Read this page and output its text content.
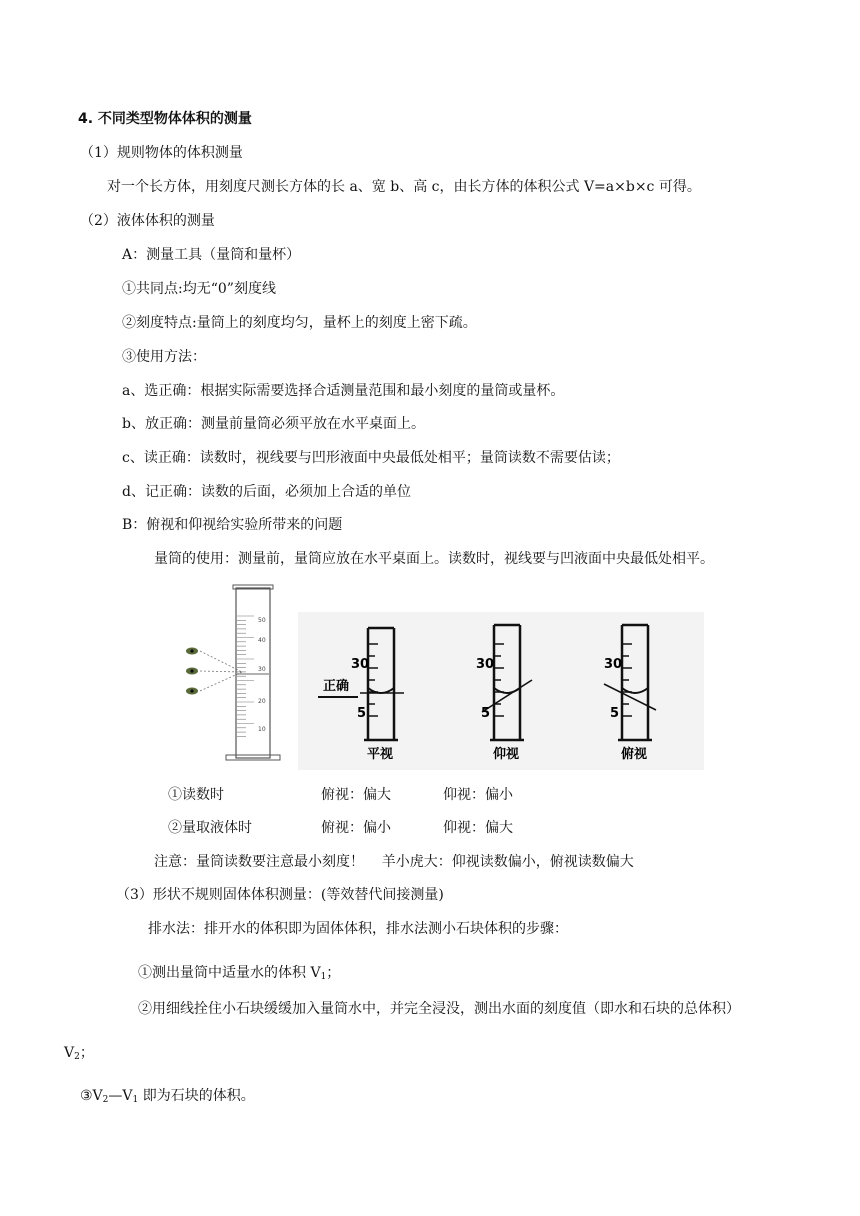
4. 不同类型物体体积的测量
（1）规则物体的体积测量
对一个长方体，用刻度尺测长方体的长 a、宽 b、高 c，由长方体的体积公式 V=a×b×c 可得。
（2）液体体积的测量
A：测量工具（量筒和量杯）
①共同点:均无“0”刻度线
②刻度特点:量筒上的刻度均匀，量杯上的刻度上密下疏。
③使用方法：
a、选正确：根据实际需要选择合适测量范围和最小刻度的量筒或量杯。
b、放正确：测量前量筒必须平放在水平桌面上。
c、读正确：读数时，视线要与凹形液面中央最低处相平；量筒读数不需要估读；
d、记正确：读数的后面，必须加上合适的单位
B：俯视和仰视给实验所带来的问题
量筒的使用：测量前，量筒应放在水平桌面上。读数时，视线要与凹液面中央最低处相平。
50
40
30
20
10
正确
30
5
平视
30
5
仰视
30
5
俯视
①读数时	俯视：偏大	仰视：偏小
②量取液体时	俯视：偏小	仰视：偏大
注意：量筒读数要注意最小刻度！    羊小虎大：仰视读数偏小，俯视读数偏大
（3）形状不规则固体体积测量：(等效替代间接测量)
排水法：排开水的体积即为固体体积，排水法测小石块体积的步骤：
①测出量筒中适量水的体积 $V_1$；
②用细线拴住小石块缓缓加入量筒水中，并完全浸没，测出水面的刻度值（即水和石块的总体积）
$V_2$；
$③V_2—V_1$ 即为石块的体积。
